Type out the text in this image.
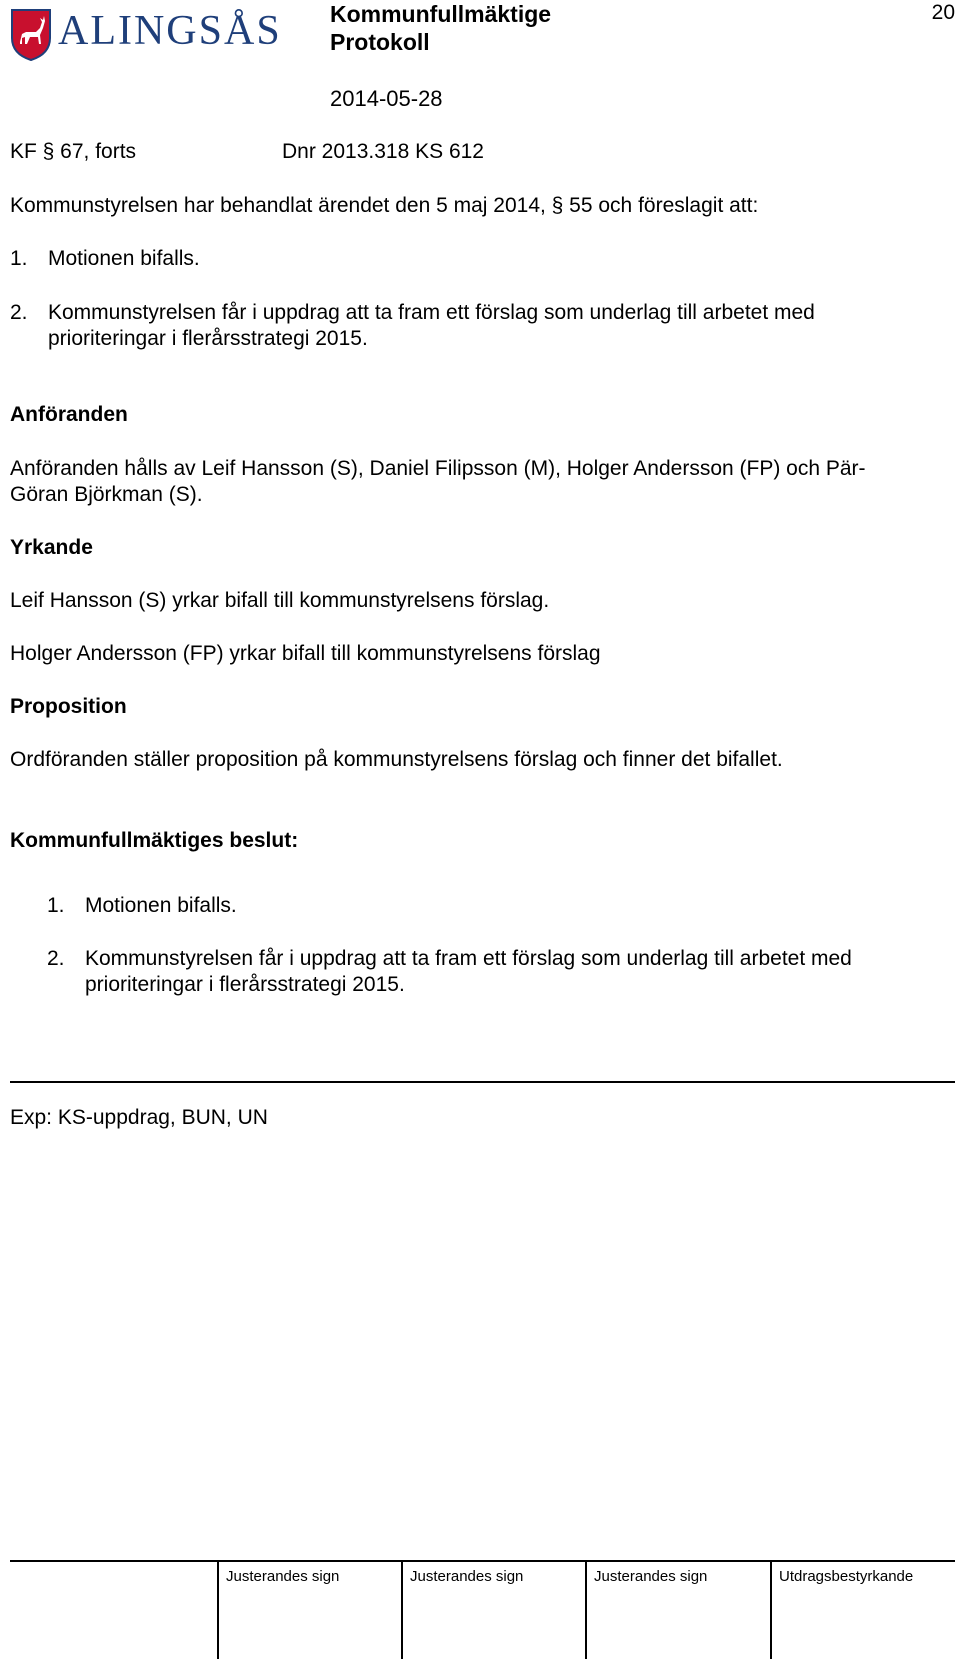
ALINGSÅS Kommunfullmäktige
Protokoll
2014-05-28
20
KF § 67, forts	Dnr 2013.318 KS 612
Kommunstyrelsen har behandlat ärendet den 5 maj 2014, § 55 och föreslagit att:
1. Motionen bifalls.
2. Kommunstyrelsen får i uppdrag att ta fram ett förslag som underlag till arbetet med
prioriteringar i flerårsstrategi 2015.
Anföranden
Anföranden hålls av Leif Hansson (S), Daniel Filipsson (M), Holger Andersson (FP) och Pär-
Göran Björkman (S).
Yrkande
Leif Hansson (S) yrkar bifall till kommunstyrelsens förslag.
Holger Andersson (FP) yrkar bifall till kommunstyrelsens förslag
Proposition
Ordföranden ställer proposition på kommunstyrelsens förslag och finner det bifallet.
Kommunfullmäktiges beslut:
1. Motionen bifalls.
2. Kommunstyrelsen får i uppdrag att ta fram ett förslag som underlag till arbetet med
prioriteringar i flerårsstrategi 2015.
Exp: KS-uppdrag, BUN, UN
Justerandes sign	Justerandes sign	Justerandes sign	Utdragsbestyrkande
